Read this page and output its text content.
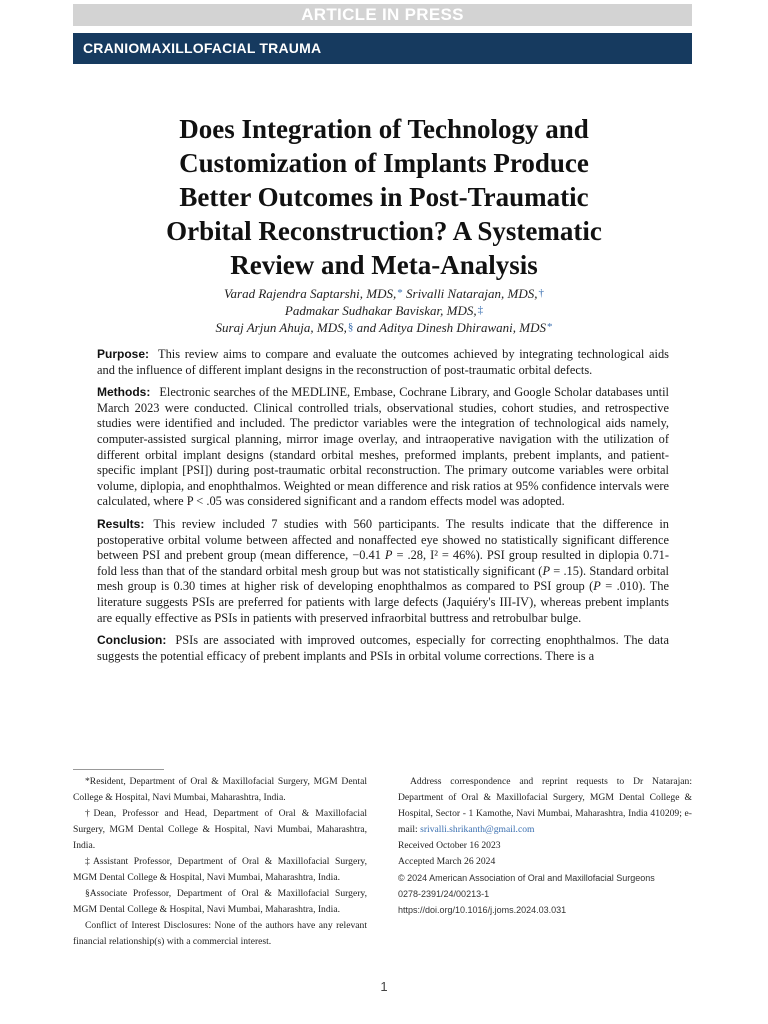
ARTICLE IN PRESS
CRANIOMAXILLOFACIAL TRAUMA
Does Integration of Technology and
Customization of Implants Produce
Better Outcomes in Post-Traumatic
Orbital Reconstruction? A Systematic
Review and Meta-Analysis
Varad Rajendra Saptarshi, MDS,* Srivalli Natarajan, MDS,†
Padmakar Sudhakar Baviskar, MDS,‡
Suraj Arjun Ahuja, MDS,§ and Aditya Dinesh Dhirawani, MDS*

Purpose: This review aims to compare and evaluate the outcomes achieved by integrating technological aids and the influence of different implant designs in the reconstruction of post-traumatic orbital defects.

Methods: Electronic searches of the MEDLINE, Embase, Cochrane Library, and Google Scholar databases until March 2023 were conducted. Clinical controlled trials, observational studies, cohort studies, and retrospective studies were identified and included. The predictor variables were the integration of technological aids namely, computer-assisted surgical planning, mirror image overlay, and intraoperative navigation with the utilization of different orbital implant designs (standard orbital meshes, preformed implants, prebent implants, and patient-specific implant [PSI]) during post-traumatic orbital reconstruction. The primary outcome variables were orbital volume, diplopia, and enophthalmos. Weighted or mean difference and risk ratios at 95% confidence intervals were calculated, where P < .05 was considered significant and a random effects model was adopted.

Results: This review included 7 studies with 560 participants. The results indicate that the difference in postoperative orbital volume between affected and nonaffected eye showed no statistically significant difference between PSI and prebent group (mean difference, −0.41 P = .28, I² = 46%). PSI group resulted in diplopia 0.71-fold less than that of the standard orbital mesh group but was not statistically significant (P = .15). Standard orbital mesh group is 0.30 times at higher risk of developing enophthalmos as compared to PSI group (P = .010). The literature suggests PSIs are preferred for patients with large defects (Jaquiéry's III-IV), whereas prebent implants are equally effective as PSIs in patients with preserved infraorbital buttress and retrobulbar bulge.

Conclusion: PSIs are associated with improved outcomes, especially for correcting enophthalmos. The data suggests the potential efficacy of prebent implants and PSIs in orbital volume corrections. There is a

*Resident, Department of Oral & Maxillofacial Surgery, MGM Dental College & Hospital, Navi Mumbai, Maharashtra, India.

†Dean, Professor and Head, Department of Oral & Maxillofacial Surgery, MGM Dental College & Hospital, Navi Mumbai, Maharashtra, India.

‡Assistant Professor, Department of Oral & Maxillofacial Surgery, MGM Dental College & Hospital, Navi Mumbai, Maharashtra, India.

§Associate Professor, Department of Oral & Maxillofacial Surgery, MGM Dental College & Hospital, Navi Mumbai, Maharashtra, India.

Conflict of Interest Disclosures: None of the authors have any relevant financial relationship(s) with a commercial interest.

Address correspondence and reprint requests to Dr Natarajan: Department of Oral & Maxillofacial Surgery, MGM Dental College & Hospital, Sector - 1 Kamothe, Navi Mumbai, Maharashtra, India 410209; e-mail: srivalli.shrikanth@gmail.com

Received October 16 2023

Accepted March 26 2024

© 2024 American Association of Oral and Maxillofacial Surgeons

0278-2391/24/00213-1

https://doi.org/10.1016/j.joms.2024.03.031

1
